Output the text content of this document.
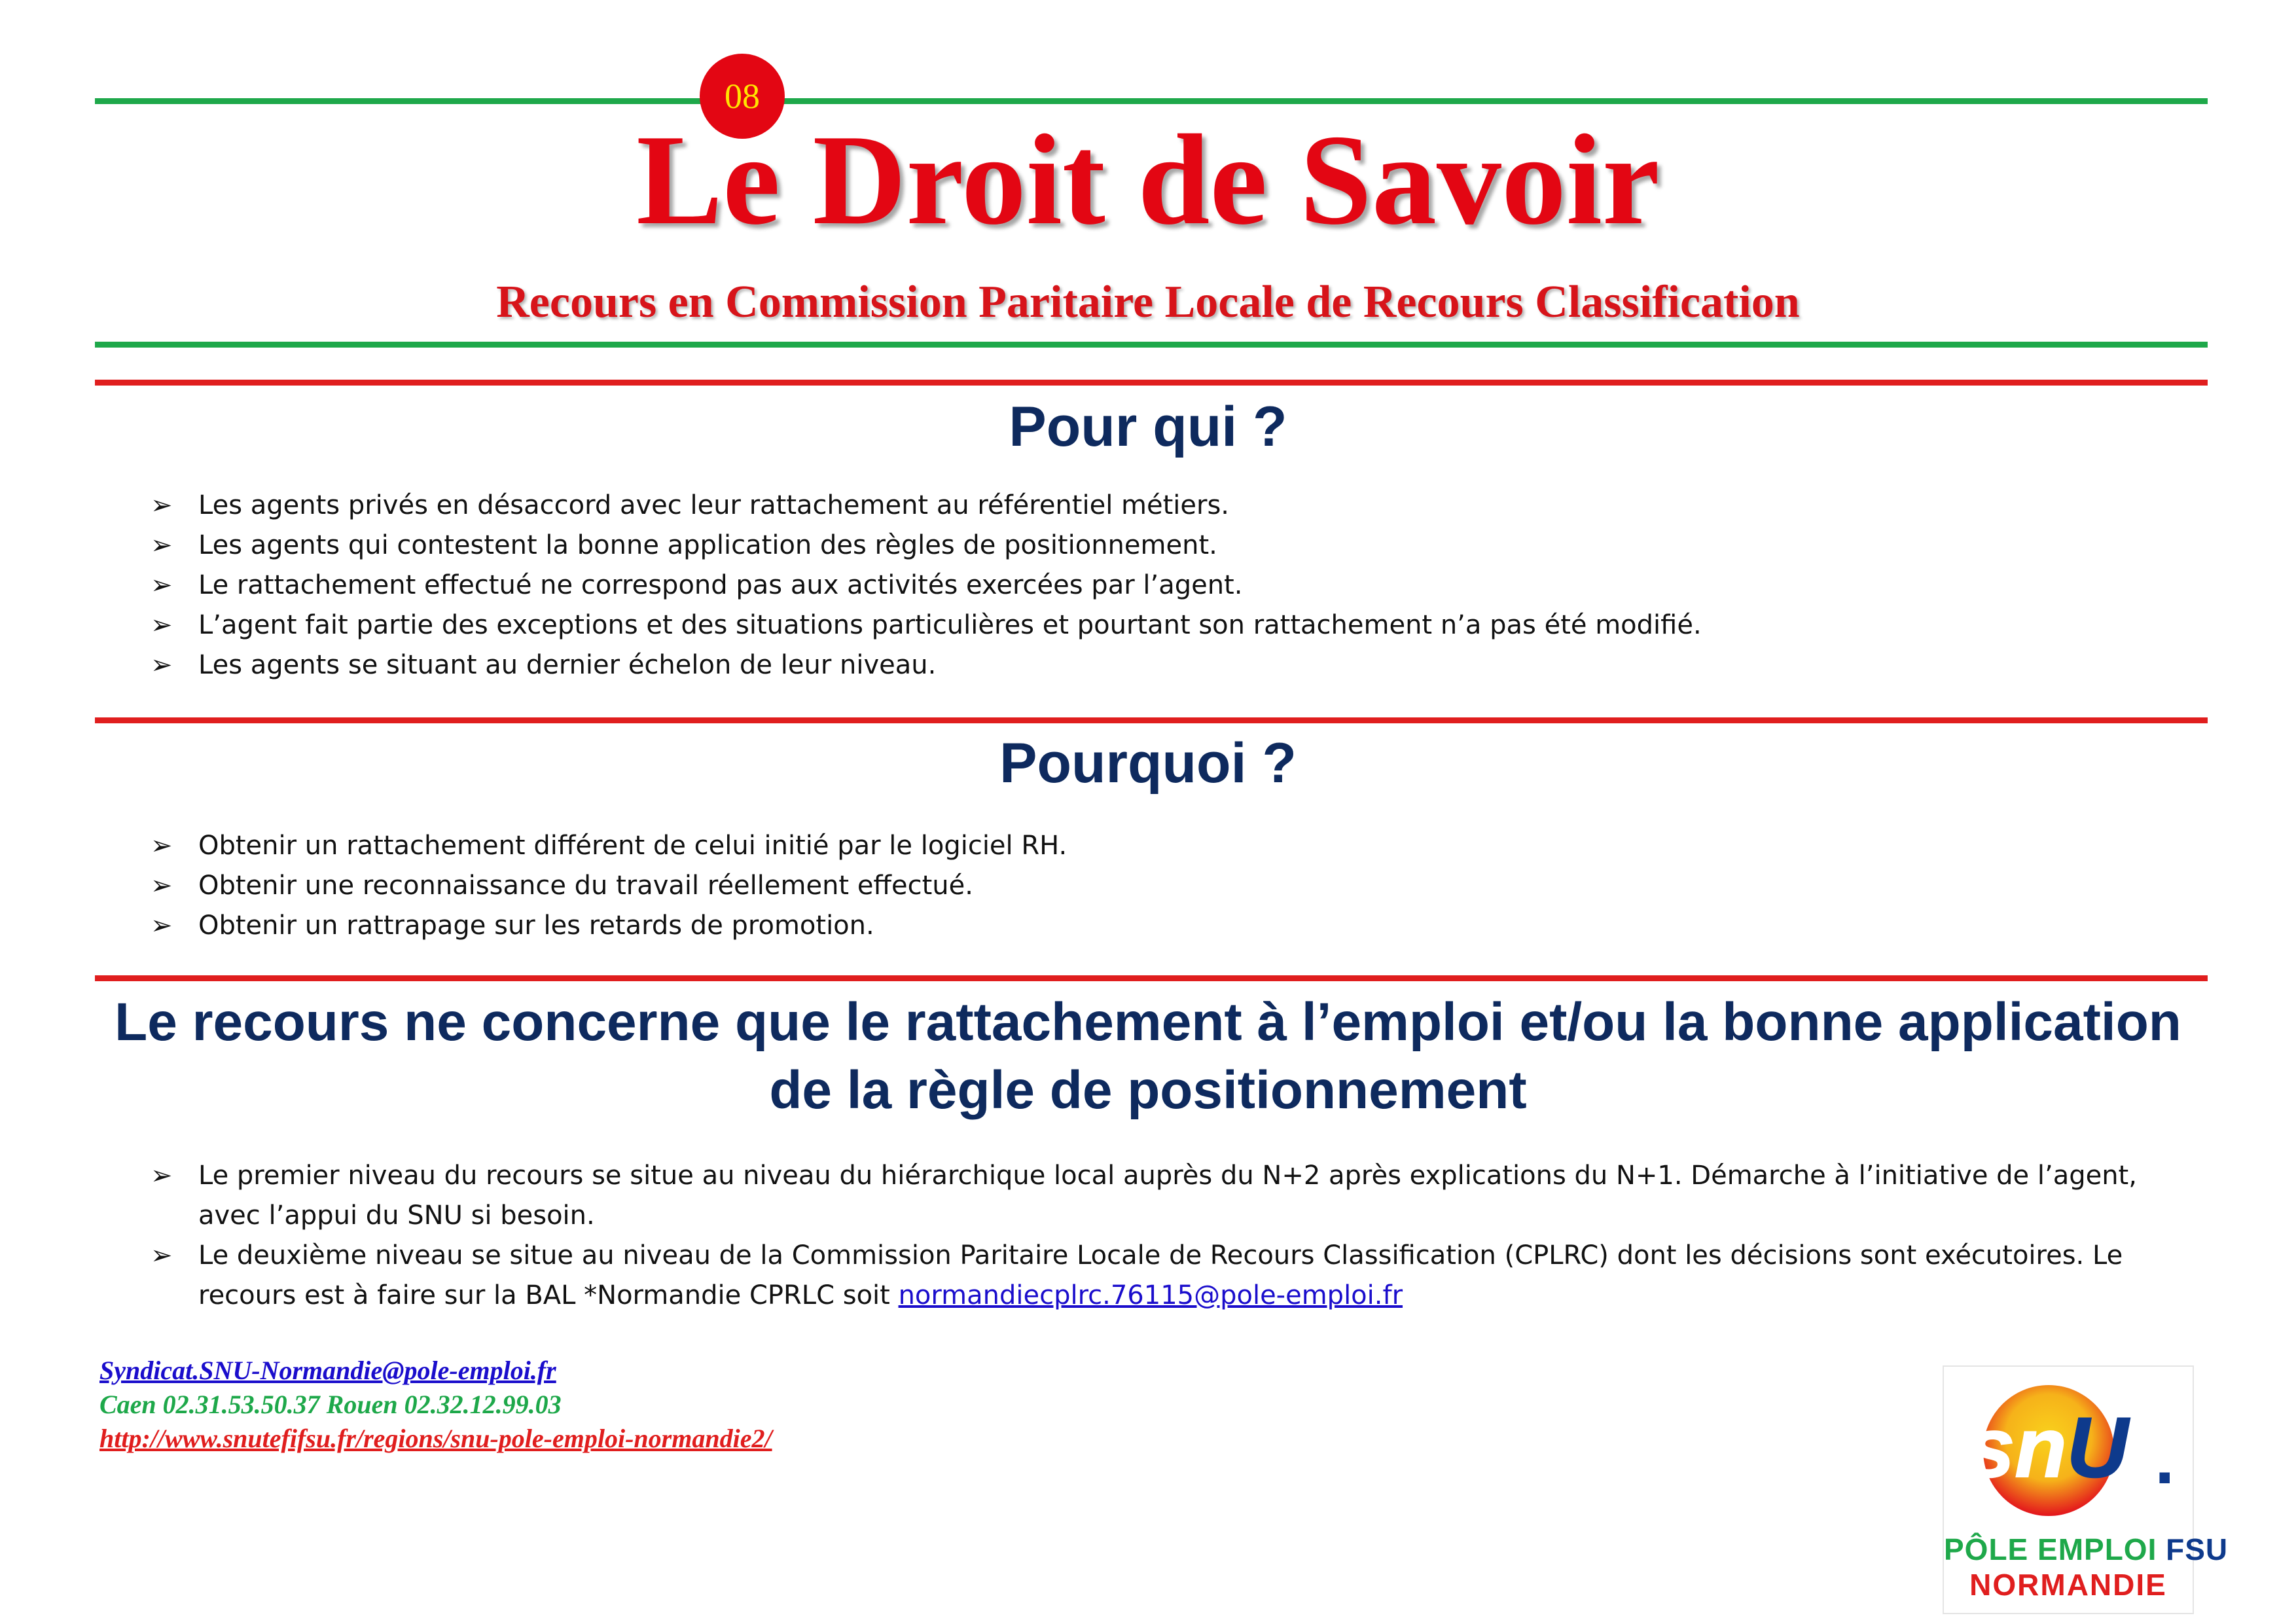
08
Le Droit de Savoir
Recours en Commission Paritaire Locale de Recours Classification
Pour qui ?
➢ Les agents privés en désaccord avec leur rattachement au référentiel métiers.
➢ Les agents qui contestent la bonne application des règles de positionnement.
➢ Le rattachement effectué ne correspond pas aux activités exercées par l’agent.
➢ L’agent fait partie des exceptions et des situations particulières et pourtant son rattachement n’a pas été modifié.
➢ Les agents se situant au dernier échelon de leur niveau.
Pourquoi ?
➢ Obtenir un rattachement différent de celui initié par le logiciel RH.
➢ Obtenir une reconnaissance du travail réellement effectué.
➢ Obtenir un rattrapage sur les retards de promotion.
Le recours ne concerne que le rattachement à l’emploi et/ou la bonne application de la règle de positionnement
➢ Le premier niveau du recours se situe au niveau du hiérarchique local auprès du N+2 après explications du N+1. Démarche à l’initiative de l’agent, avec l’appui du SNU si besoin.
➢ Le deuxième niveau se situe au niveau de la Commission Paritaire Locale de Recours Classification (CPLRC) dont les décisions sont exécutoires. Le recours est à faire sur la BAL *Normandie CPRLC soit normandiecplrc.76115@pole-emploi.fr
Syndicat.SNU-Normandie@pole-emploi.fr
Caen 02.31.53.50.37 Rouen 02.32.12.99.03
http://www.snutefifsu.fr/regions/snu-pole-emploi-normandie2/	snU .
PÔLE EMPLOI FSU
NORMANDIE
